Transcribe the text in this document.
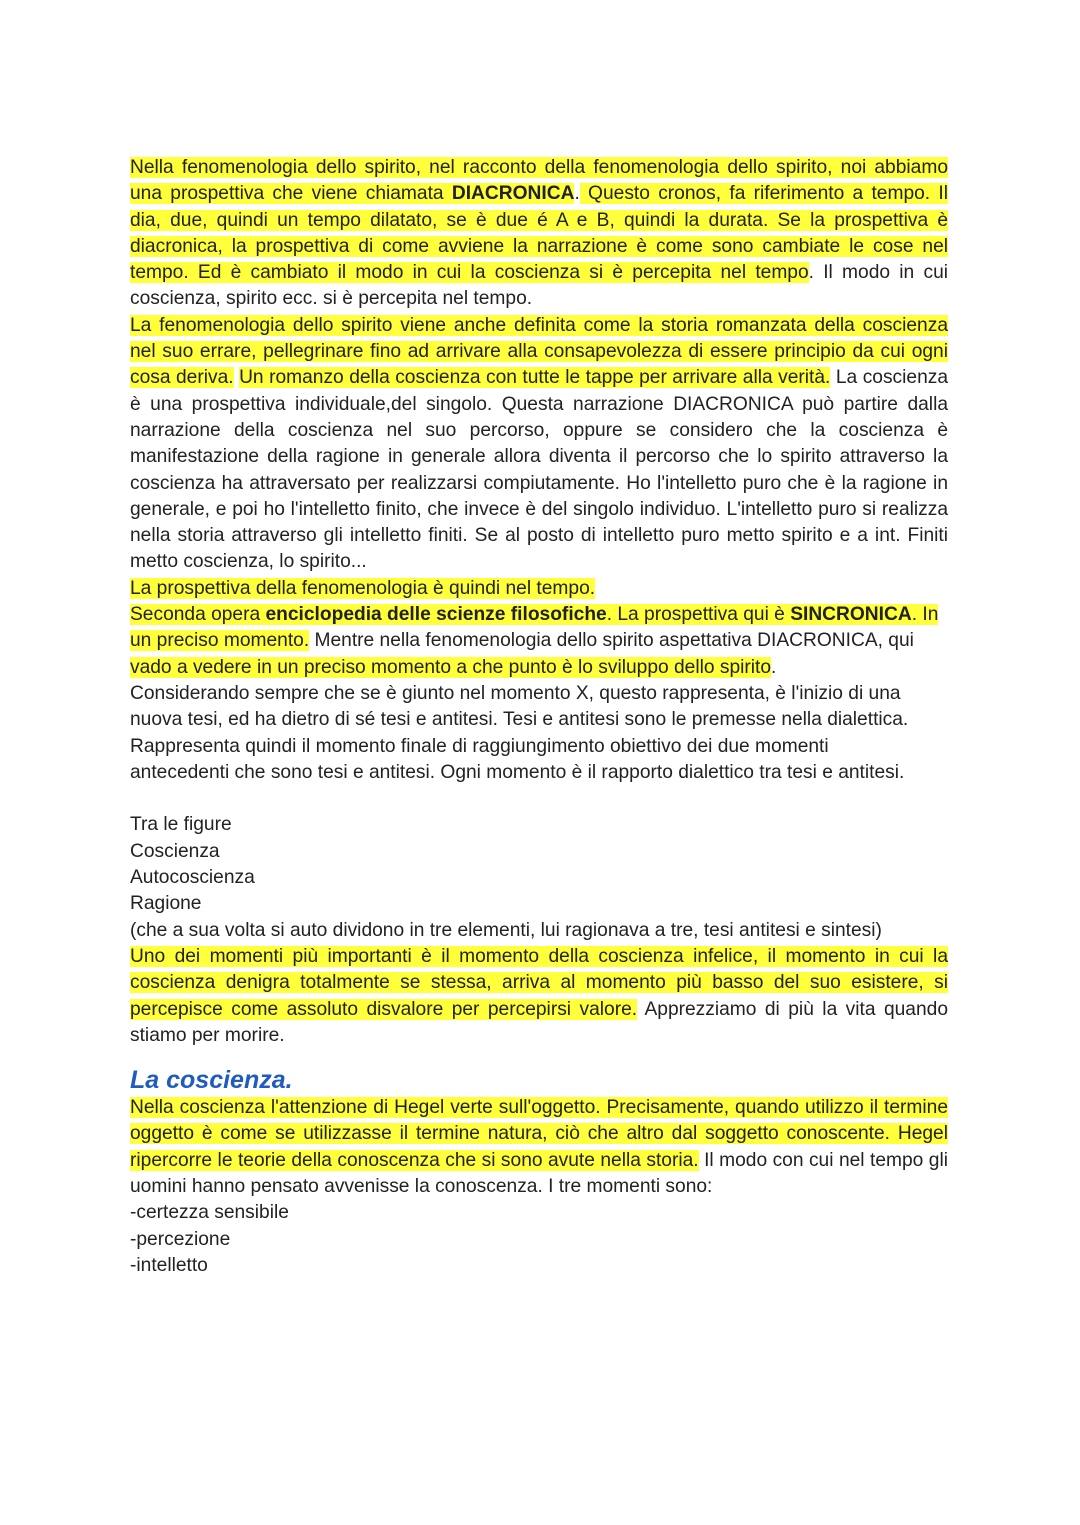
Nella fenomenologia dello spirito, nel racconto della fenomenologia dello spirito, noi abbiamo una prospettiva che viene chiamata DIACRONICA. Questo cronos, fa riferimento a tempo. Il dia, due, quindi un tempo dilatato, se è due é A e B, quindi la durata. Se la prospettiva è diacronica, la prospettiva di come avviene la narrazione è come sono cambiate le cose nel tempo. Ed è cambiato il modo in cui la coscienza si è percepita nel tempo. Il modo in cui coscienza, spirito ecc. si è percepita nel tempo.

La fenomenologia dello spirito viene anche definita come la storia romanzata della coscienza nel suo errare, pellegrinare fino ad arrivare alla consapevolezza di essere principio da cui ogni cosa deriva. Un romanzo della coscienza con tutte le tappe per arrivare alla verità. La coscienza è una prospettiva individuale,del singolo. Questa narrazione DIACRONICA può partire dalla narrazione della coscienza nel suo percorso, oppure se considero che la coscienza è manifestazione della ragione in generale allora diventa il percorso che lo spirito attraverso la coscienza ha attraversato per realizzarsi compiutamente. Ho l'intelletto puro che è la ragione in generale, e poi ho l'intelletto finito, che invece è del singolo individuo. L'intelletto puro si realizza nella storia attraverso gli intelletto finiti. Se al posto di intelletto puro metto spirito e a int. Finiti metto coscienza, lo spirito...

La prospettiva della fenomenologia è quindi nel tempo.

Seconda opera enciclopedia delle scienze filosofiche. La prospettiva qui è SINCRONICA. In un preciso momento. Mentre nella fenomenologia dello spirito aspettativa DIACRONICA, qui vado a vedere in un preciso momento a che punto è lo sviluppo dello spirito.

Considerando sempre che se è giunto nel momento X, questo rappresenta, è l'inizio di una
nuova tesi, ed ha dietro di sé tesi e antitesi. Tesi e antitesi sono le premesse nella dialettica.
Rappresenta quindi il momento finale di raggiungimento obiettivo dei due momenti
antecedenti che sono tesi e antitesi. Ogni momento è il rapporto dialettico tra tesi e antitesi.

Tra le figure
Coscienza
Autocoscienza
Ragione
(che a sua volta si auto dividono in tre elementi, lui ragionava a tre, tesi antitesi e sintesi)

Uno dei momenti più importanti è il momento della coscienza infelice, il momento in cui la coscienza denigra totalmente se stessa, arriva al momento più basso del suo esistere, si percepisce come assoluto disvalore per percepirsi valore. Apprezziamo di più la vita quando stiamo per morire.

La coscienza.

Nella coscienza l'attenzione di Hegel verte sull'oggetto. Precisamente, quando utilizzo il termine oggetto è come se utilizzasse il termine natura, ciò che altro dal soggetto conoscente. Hegel ripercorre le teorie della conoscenza che si sono avute nella storia. Il modo con cui nel tempo gli uomini hanno pensato avvenisse la conoscenza. I tre momenti sono:

-certezza sensibile
-percezione
-intelletto
